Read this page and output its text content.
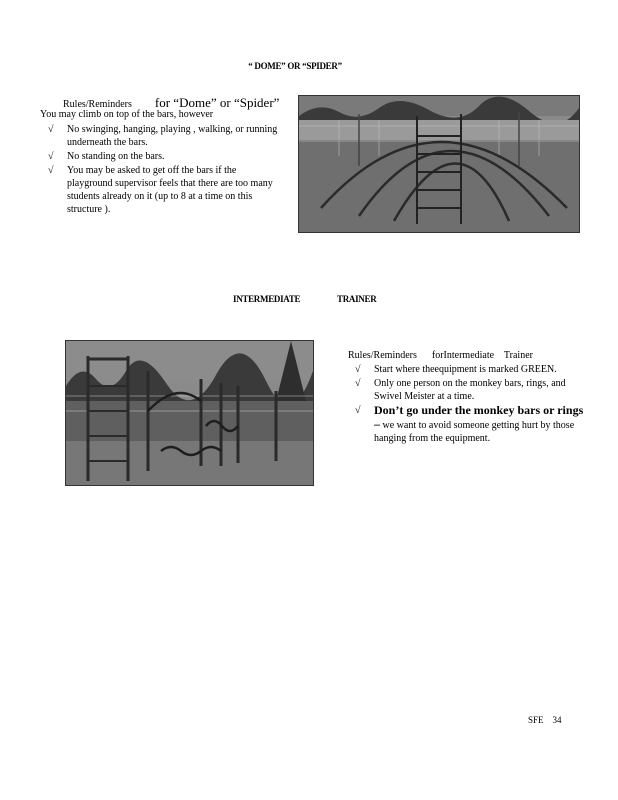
“ DOME” OR “SPIDER”
Rules/Reminders for “Dome” or “Spider”
You may climb on top of the bars, however
√ No swinging, hanging, playing , walking, or running underneath the bars.
√ No standing on the bars.
√ You may be asked to get off the bars if the playground supervisor feels that there are too many students already on it (up to 8 at a time on this structure ).
INTERMEDIATE	TRAINER
Rules/Reminders      forIntermediate    Trainer
√ Start where theequipment is marked GREEN.
√ Only one person on the monkey bars, rings, and Swivel Meister at a time.
√ Don’t go under the monkey bars or rings – we want to avoid someone getting hurt by those hanging from the equipment.
SFE    34
